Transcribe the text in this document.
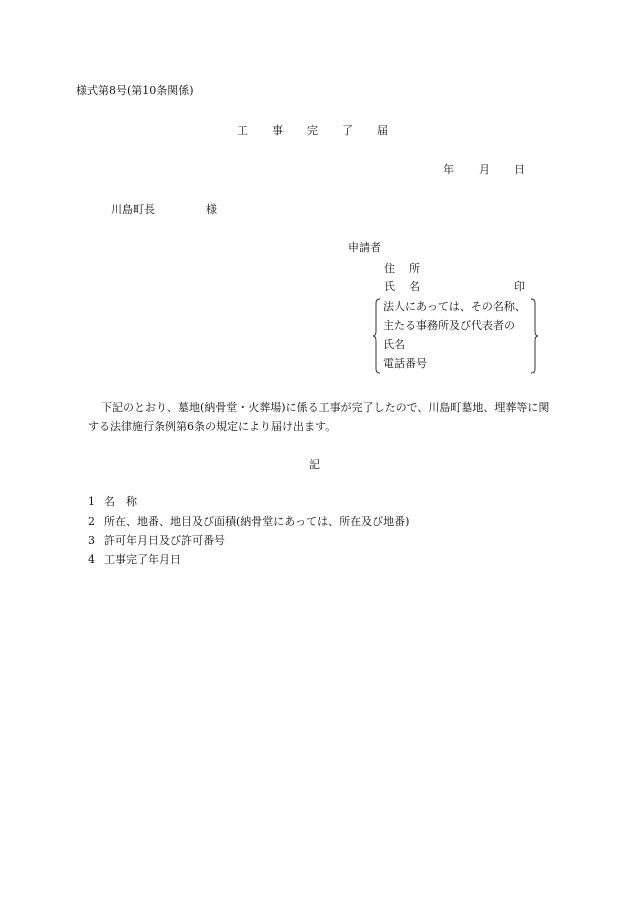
様式第8号(第10条関係)
工 事 完 了 届
年 月 日
川島町長	様
申請者
住 所
氏 名	印
法人にあっては、その名称、
主たる事務所及び代表者の
氏名
電話番号

下記のとおり、墓地(納骨堂・火葬場)に係る工事が完了したので、川島町墓地、埋葬等に関する法律施行条例第6条の規定により届け出ます。

記
1 名　称
2 所在、地番、地目及び面積(納骨堂にあっては、所在及び地番)
3 許可年月日及び許可番号
4 工事完了年月日
